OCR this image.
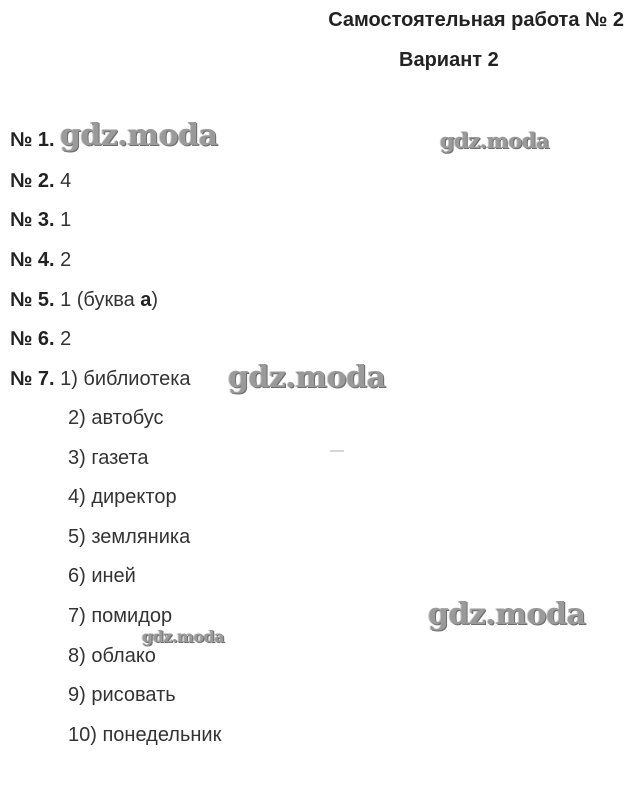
Самостоятельная работа № 2
Вариант 2
№ 1.
№ 2. 4
№ 3. 1
№ 4. 2
№ 5. 1 (буква а)
№ 6. 2
№ 7. 1) библиотека
2) автобус
3) газета
4) директор
5) земляника
6) иней
7) помидор
8) облако
9) рисовать
10) понедельник
gdz.moda	gdz.moda
gdz.moda
gdz.moda
gdz.moda
